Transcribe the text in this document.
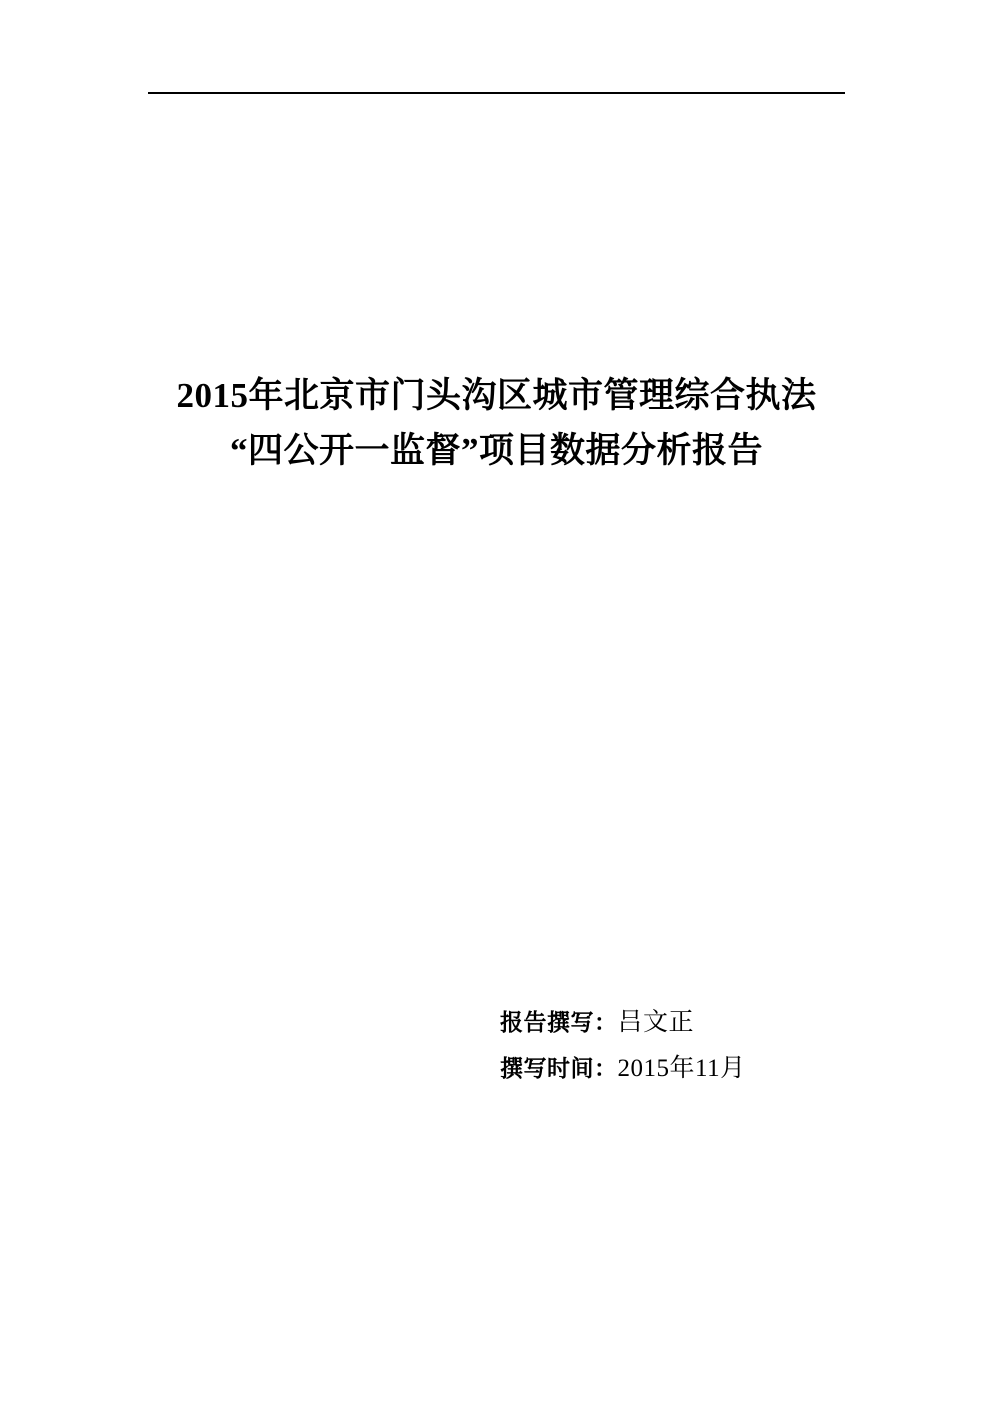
2015年北京市门头沟区城市管理综合执法
“四公开一监督”项目数据分析报告
报告撰写：吕文正
撰写时间：2015年11月
